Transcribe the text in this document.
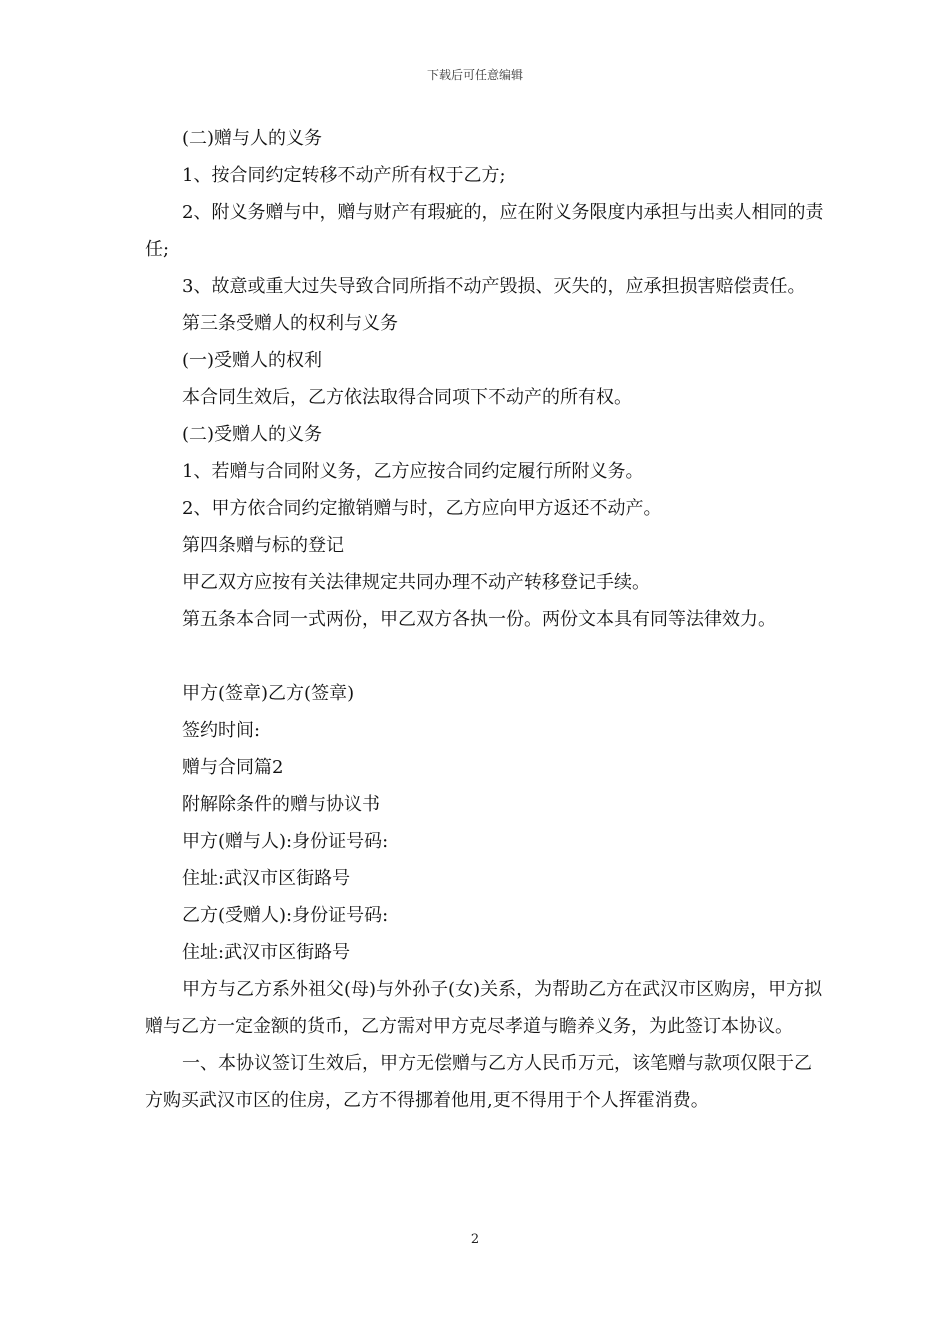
下载后可任意编辑

(二)赠与人的义务

1、按合同约定转移不动产所有权于乙方;

2、附义务赠与中，赠与财产有瑕疵的，应在附义务限度内承担与出卖人相同的责任;

3、故意或重大过失导致合同所指不动产毁损、灭失的，应承担损害赔偿责任。

第三条受赠人的权利与义务

(一)受赠人的权利

本合同生效后，乙方依法取得合同项下不动产的所有权。

(二)受赠人的义务

1、若赠与合同附义务，乙方应按合同约定履行所附义务。

2、甲方依合同约定撤销赠与时，乙方应向甲方返还不动产。

第四条赠与标的登记

甲乙双方应按有关法律规定共同办理不动产转移登记手续。

第五条本合同一式两份，甲乙双方各执一份。两份文本具有同等法律效力。

甲方(签章)乙方(签章)

签约时间:

赠与合同篇2

附解除条件的赠与协议书

甲方(赠与人):身份证号码:

住址:武汉市区街路号

乙方(受赠人):身份证号码:

住址:武汉市区街路号

甲方与乙方系外祖父(母)与外孙子(女)关系，为帮助乙方在武汉市区购房，甲方拟赠与乙方一定金额的货币，乙方需对甲方克尽孝道与瞻养义务，为此签订本协议。

一、本协议签订生效后，甲方无偿赠与乙方人民币万元，该笔赠与款项仅限于乙方购买武汉市区的住房，乙方不得挪着他用,更不得用于个人挥霍消费。

2
